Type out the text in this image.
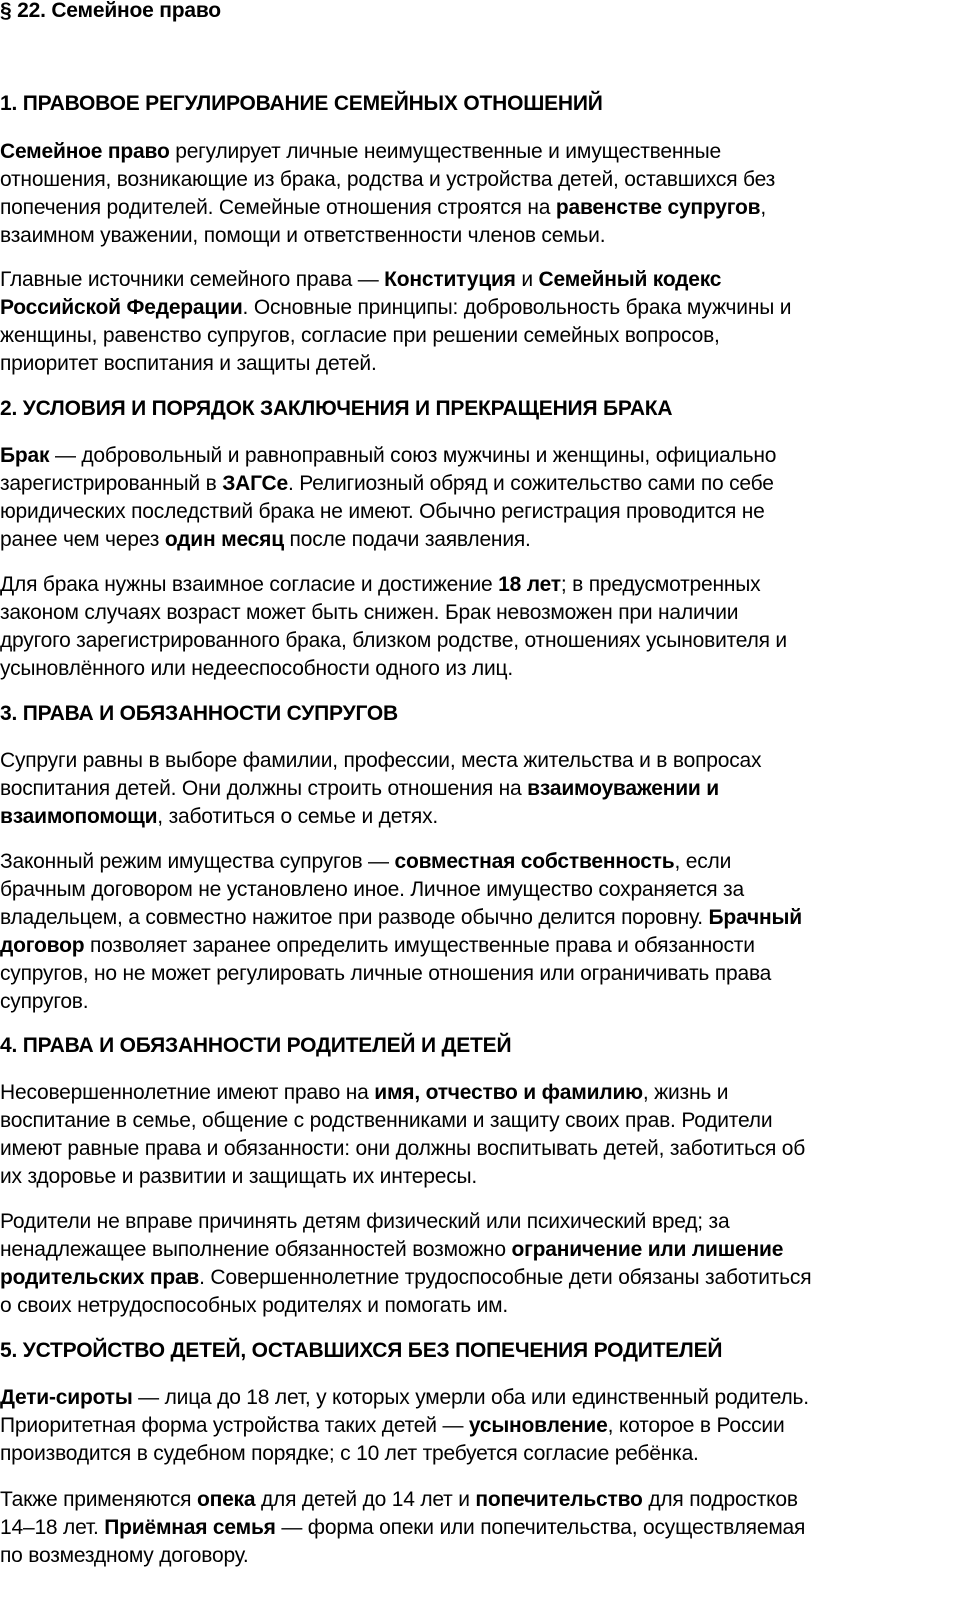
§ 22. Семейное право
1. ПРАВОВОЕ РЕГУЛИРОВАНИЕ СЕМЕЙНЫХ ОТНОШЕНИЙ
Семейное право регулирует личные неимущественные и имущественные
отношения, возникающие из брака, родства и устройства детей, оставшихся без
попечения родителей. Семейные отношения строятся на равенстве супругов,
взаимном уважении, помощи и ответственности членов семьи.
Главные источники семейного права — Конституция и Семейный кодекс
Российской Федерации. Основные принципы: добровольность брака мужчины и
женщины, равенство супругов, согласие при решении семейных вопросов,
приоритет воспитания и защиты детей.
2. УСЛОВИЯ И ПОРЯДОК ЗАКЛЮЧЕНИЯ И ПРЕКРАЩЕНИЯ БРАКА
Брак — добровольный и равноправный союз мужчины и женщины, официально
зарегистрированный в ЗАГСе. Религиозный обряд и сожительство сами по себе
юридических последствий брака не имеют. Обычно регистрация проводится не
ранее чем через один месяц после подачи заявления.
Для брака нужны взаимное согласие и достижение 18 лет; в предусмотренных
законом случаях возраст может быть снижен. Брак невозможен при наличии
другого зарегистрированного брака, близком родстве, отношениях усыновителя и
усыновлённого или недееспособности одного из лиц.
3. ПРАВА И ОБЯЗАННОСТИ СУПРУГОВ
Супруги равны в выборе фамилии, профессии, места жительства и в вопросах
воспитания детей. Они должны строить отношения на взаимоуважении и
взаимопомощи, заботиться о семье и детях.
Законный режим имущества супругов — совместная собственность, если
брачным договором не установлено иное. Личное имущество сохраняется за
владельцем, а совместно нажитое при разводе обычно делится поровну. Брачный
договор позволяет заранее определить имущественные права и обязанности
супругов, но не может регулировать личные отношения или ограничивать права
супругов.
4. ПРАВА И ОБЯЗАННОСТИ РОДИТЕЛЕЙ И ДЕТЕЙ
Несовершеннолетние имеют право на имя, отчество и фамилию, жизнь и
воспитание в семье, общение с родственниками и защиту своих прав. Родители
имеют равные права и обязанности: они должны воспитывать детей, заботиться об
их здоровье и развитии и защищать их интересы.
Родители не вправе причинять детям физический или психический вред; за
ненадлежащее выполнение обязанностей возможно ограничение или лишение
родительских прав. Совершеннолетние трудоспособные дети обязаны заботиться
о своих нетрудоспособных родителях и помогать им.
5. УСТРОЙСТВО ДЕТЕЙ, ОСТАВШИХСЯ БЕЗ ПОПЕЧЕНИЯ РОДИТЕЛЕЙ
Дети-сироты — лица до 18 лет, у которых умерли оба или единственный родитель.
Приоритетная форма устройства таких детей — усыновление, которое в России
производится в судебном порядке; с 10 лет требуется согласие ребёнка.
Также применяются опека для детей до 14 лет и попечительство для подростков
14–18 лет. Приёмная семья — форма опеки или попечительства, осуществляемая
по возмездному договору.
